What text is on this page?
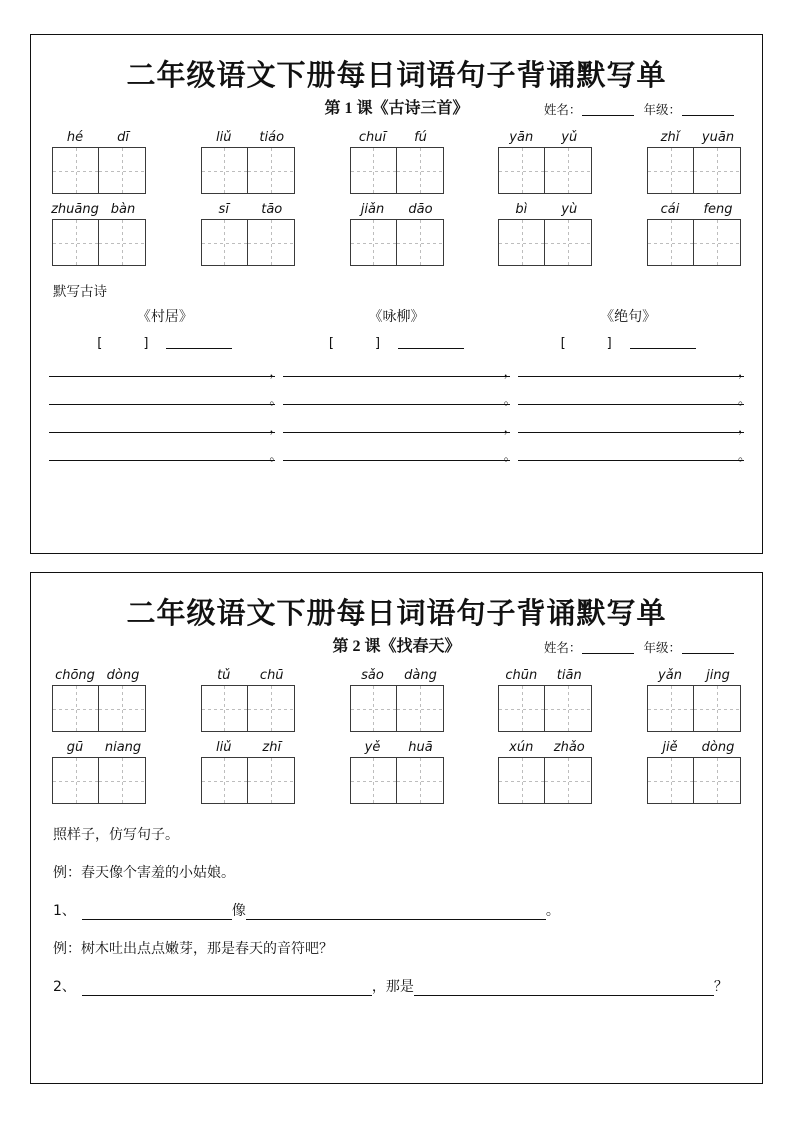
二年级语文下册每日词语句子背诵默写单
第 1 课《古诗三首》	姓名：	年级：
hé	dī	liǔ	tiáo	chuī	fú	yān	yǔ	zhǐ	yuān
zhuāng bàn	sī	tāo	jiǎn	dāo	bì	yù	cái	feng
默写古诗
《村居》	《咏柳》	《绝句》
[　]	[　]	[　]
，	，	，
。	。	。
，	，	，
。	。	。
二年级语文下册每日词语句子背诵默写单
第 2 课《找春天》	姓名：	年级：
chōng dòng	tǔ	chū	sǎo	dàng	chūn	tiān	yǎn	jing
gū	niang	liǔ	zhī	yě	huā	xún	zhǎo	jiě	dòng
照样子，仿写句子。
例：春天像个害羞的小姑娘。
1、	像	。
例：树木吐出点点嫩芽，那是春天的音符吧？
2、	，那是	？
